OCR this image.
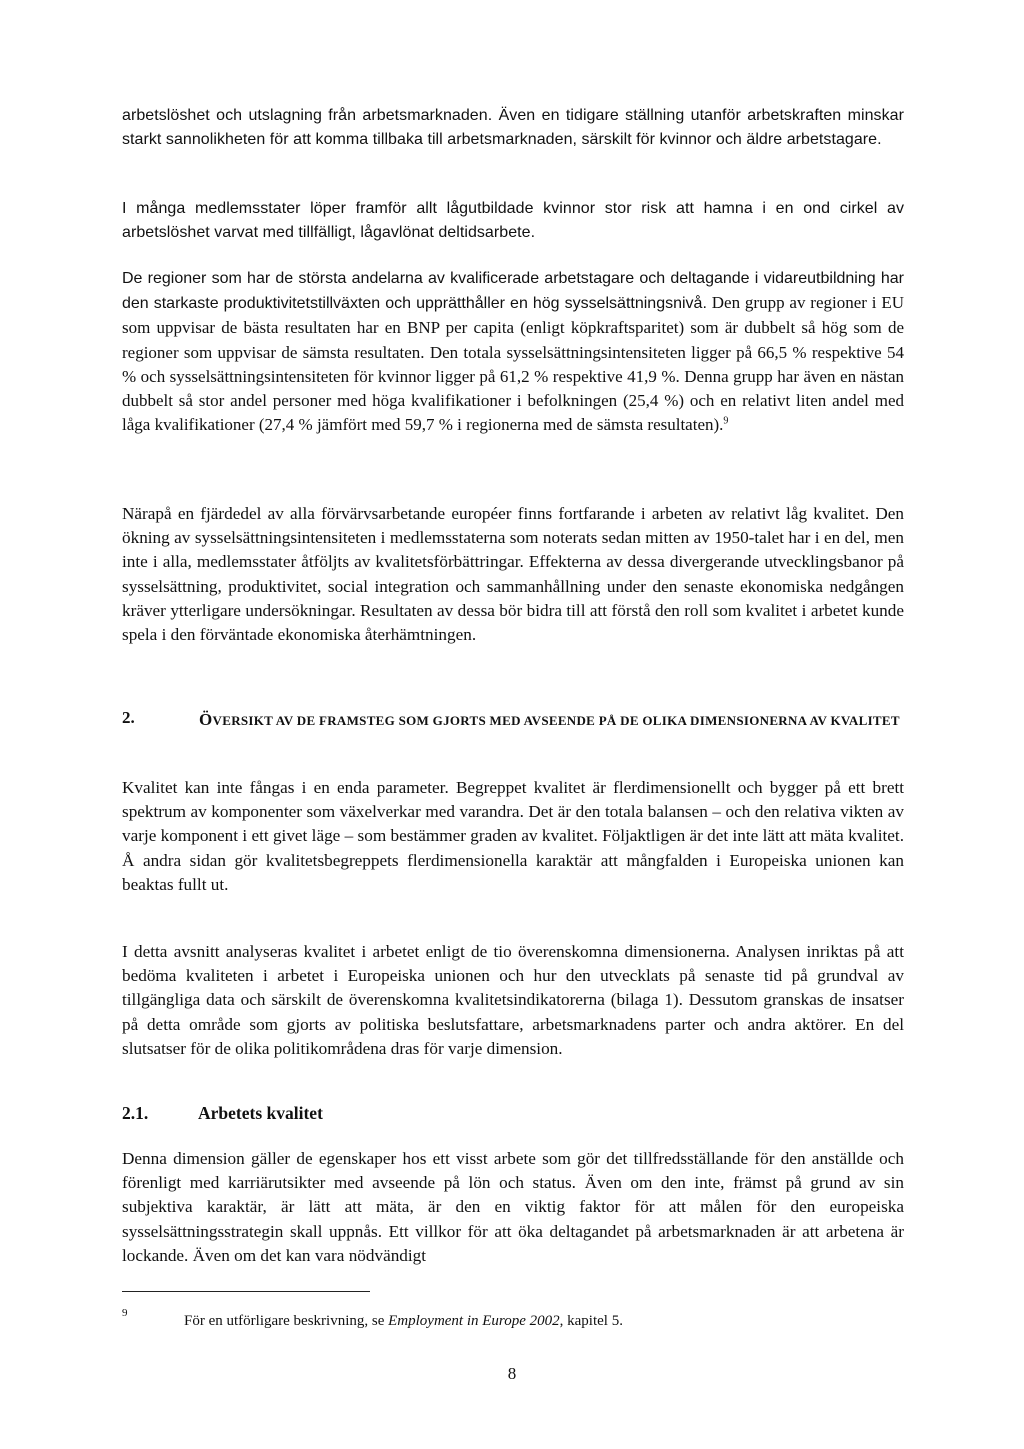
arbetslöshet och utslagning från arbetsmarknaden. Även en tidigare ställning utanför arbetskraften minskar starkt sannolikheten för att komma tillbaka till arbetsmarknaden, särskilt för kvinnor och äldre arbetstagare.

I många medlemsstater löper framför allt lågutbildade kvinnor stor risk att hamna i en ond cirkel av arbetslöshet varvat med tillfälligt, lågavlönat deltidsarbete.

De regioner som har de största andelarna av kvalificerade arbetstagare och deltagande i vidareutbildning har den starkaste produktivitetstillväxten och upprätthåller en hög sysselsättningsnivå. Den grupp av regioner i EU som uppvisar de bästa resultaten har en BNP per capita (enligt köpkraftsparitet) som är dubbelt så hög som de regioner som uppvisar de sämsta resultaten. Den totala sysselsättningsintensiteten ligger på 66,5 % respektive 54 % och sysselsättningsintensiteten för kvinnor ligger på 61,2 % respektive 41,9 %. Denna grupp har även en nästan dubbelt så stor andel personer med höga kvalifikationer i befolkningen (25,4 %) och en relativt liten andel med låga kvalifikationer (27,4 % jämfört med 59,7 % i regionerna med de sämsta resultaten).$^9$

Närapå en fjärdedel av alla förvärvsarbetande européer finns fortfarande i arbeten av relativt låg kvalitet. Den ökning av sysselsättningsintensiteten i medlemsstaterna som noterats sedan mitten av 1950-talet har i en del, men inte i alla, medlemsstater åtföljts av kvalitetsförbättringar. Effekterna av dessa divergerande utvecklingsbanor på sysselsättning, produktivitet, social integration och sammanhållning under den senaste ekonomiska nedgången kräver ytterligare undersökningar. Resultaten av dessa bör bidra till att förstå den roll som kvalitet i arbetet kunde spela i den förväntade ekonomiska återhämtningen.

2.	ÖVERSIKT AV DE FRAMSTEG SOM GJORTS MED AVSEENDE PÅ DE OLIKA DIMENSIONERNA AV KVALITET

Kvalitet kan inte fångas i en enda parameter. Begreppet kvalitet är flerdimensionellt och bygger på ett brett spektrum av komponenter som växelverkar med varandra. Det är den totala balansen – och den relativa vikten av varje komponent i ett givet läge – som bestämmer graden av kvalitet. Följaktligen är det inte lätt att mäta kvalitet. Å andra sidan gör kvalitetsbegreppets flerdimensionella karaktär att mångfalden i Europeiska unionen kan beaktas fullt ut.

I detta avsnitt analyseras kvalitet i arbetet enligt de tio överenskomna dimensionerna. Analysen inriktas på att bedöma kvaliteten i arbetet i Europeiska unionen och hur den utvecklats på senaste tid på grundval av tillgängliga data och särskilt de överenskomna kvalitetsindikatorerna (bilaga 1). Dessutom granskas de insatser på detta område som gjorts av politiska beslutsfattare, arbetsmarknadens parter och andra aktörer. En del slutsatser för de olika politikområdena dras för varje dimension.

2.1.	Arbetets kvalitet

Denna dimension gäller de egenskaper hos ett visst arbete som gör det tillfredsställande för den anställde och förenligt med karriärutsikter med avseende på lön och status. Även om den inte, främst på grund av sin subjektiva karaktär, är lätt att mäta, är den en viktig faktor för att målen för den europeiska sysselsättningsstrategin skall uppnås. Ett villkor för att öka deltagandet på arbetsmarknaden är att arbetena är lockande. Även om det kan vara nödvändigt

9	För en utförligare beskrivning, se Employment in Europe 2002, kapitel 5.
8
